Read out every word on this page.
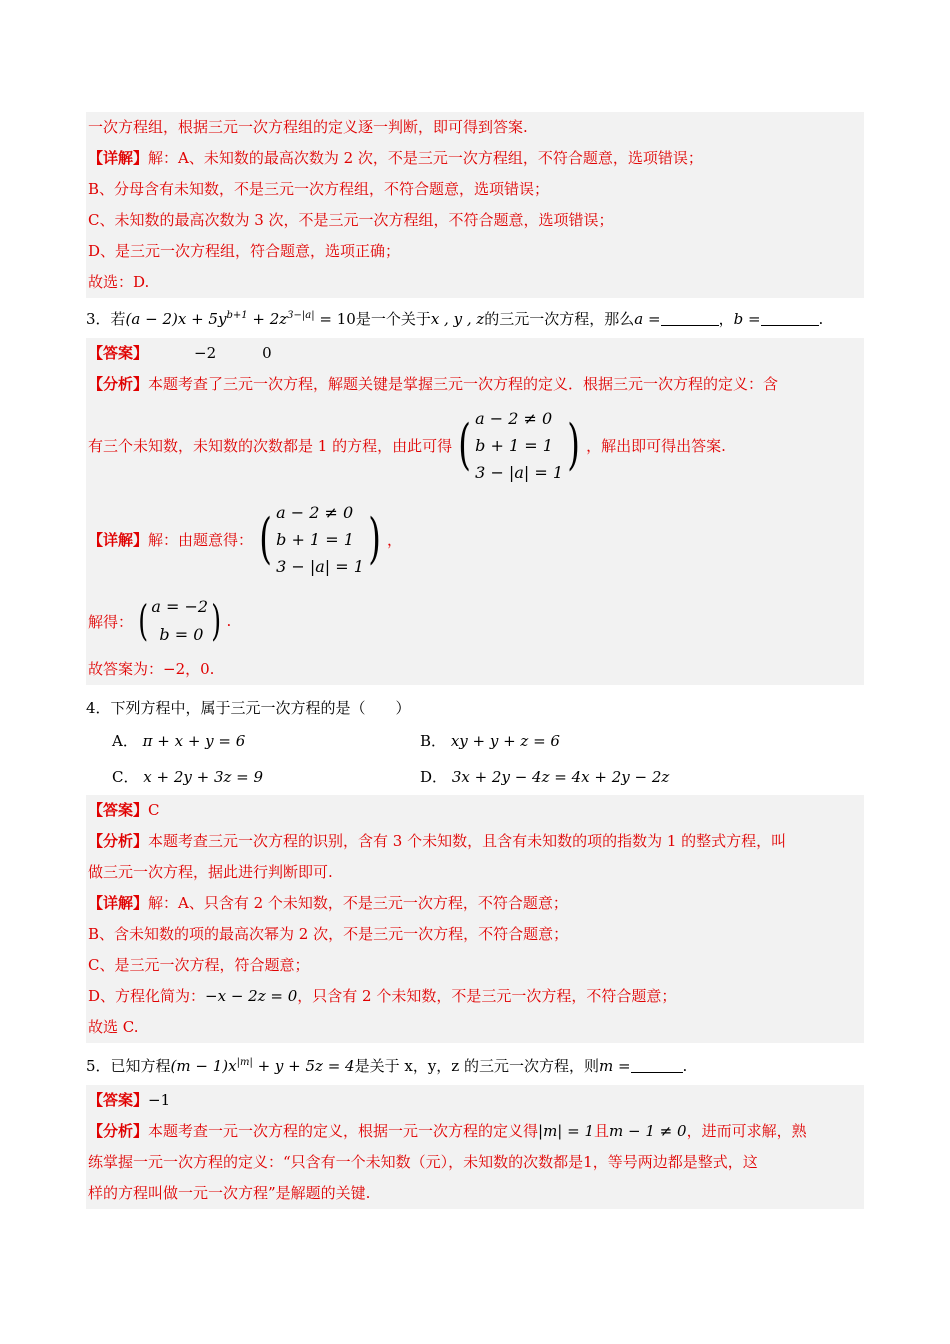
一次方程组，根据三元一次方程组的定义逐一判断，即可得到答案.
【详解】解：A、未知数的最高次数为 2 次，不是三元一次方程组，不符合题意，选项错误；
B、分母含有未知数，不是三元一次方程组，不符合题意，选项错误；
C、未知数的最高次数为 3 次，不是三元一次方程组，不符合题意，选项错误；
D、是三元一次方程组，符合题意，选项正确；
故选：D.
3．若$(a - 2)x + 5y^{b+1} + 2z^{3-|a|} = 10$是一个关于x , y , z的三元一次方程，那么a =	，b =	.
【答案】	−2	0
【分析】本题考查了三元一次方程，解题关键是掌握三元一次方程的定义．根据三元一次方程的定义：含
有三个未知数，未知数的次数都是 1 的方程，由此可得 ( a − 2 ≠ 0
b + 1 = 1
3 − |a| = 1 ) ，解出即可得出答案.
【详解】 解：由题意得： ( a − 2 ≠ 0
b + 1 = 1
3 − |a| = 1 ) ，
解得： ( a = −2
b = 0 ) .
故答案为：−2，0.
4．下列方程中，属于三元一次方程的是（　　）
A． π + x + y = 6	B． xy + y + z = 6
C． x + 2y + 3z = 9	D． 3x + 2y − 4z = 4x + 2y − 2z
【答案】C
【分析】本题考查三元一次方程的识别，含有 3 个未知数，且含有未知数的项的指数为 1 的整式方程，叫
做三元一次方程，据此进行判断即可.
【详解】解：A、只含有 2 个未知数，不是三元一次方程，不符合题意；
B、含未知数的项的最高次幂为 2 次，不是三元一次方程，不符合题意；
C、是三元一次方程，符合题意；
D、方程化简为：−x − 2z = 0，只含有 2 个未知数，不是三元一次方程，不符合题意；
故选 C.
5．已知方程$(m - 1)x^{|m|} + y + 5z = 4$是关于 x，y，z 的三元一次方程，则m =	.
【答案】−1
【分析】本题考查一元一次方程的定义，根据一元一次方程的定义得|m| = 1且m − 1 ≠ 0，进而可求解，熟
练掌握一元一次方程的定义：“只含有一个未知数（元），未知数的次数都是1，等号两边都是整式，这
样的方程叫做一元一次方程”是解题的关键.
